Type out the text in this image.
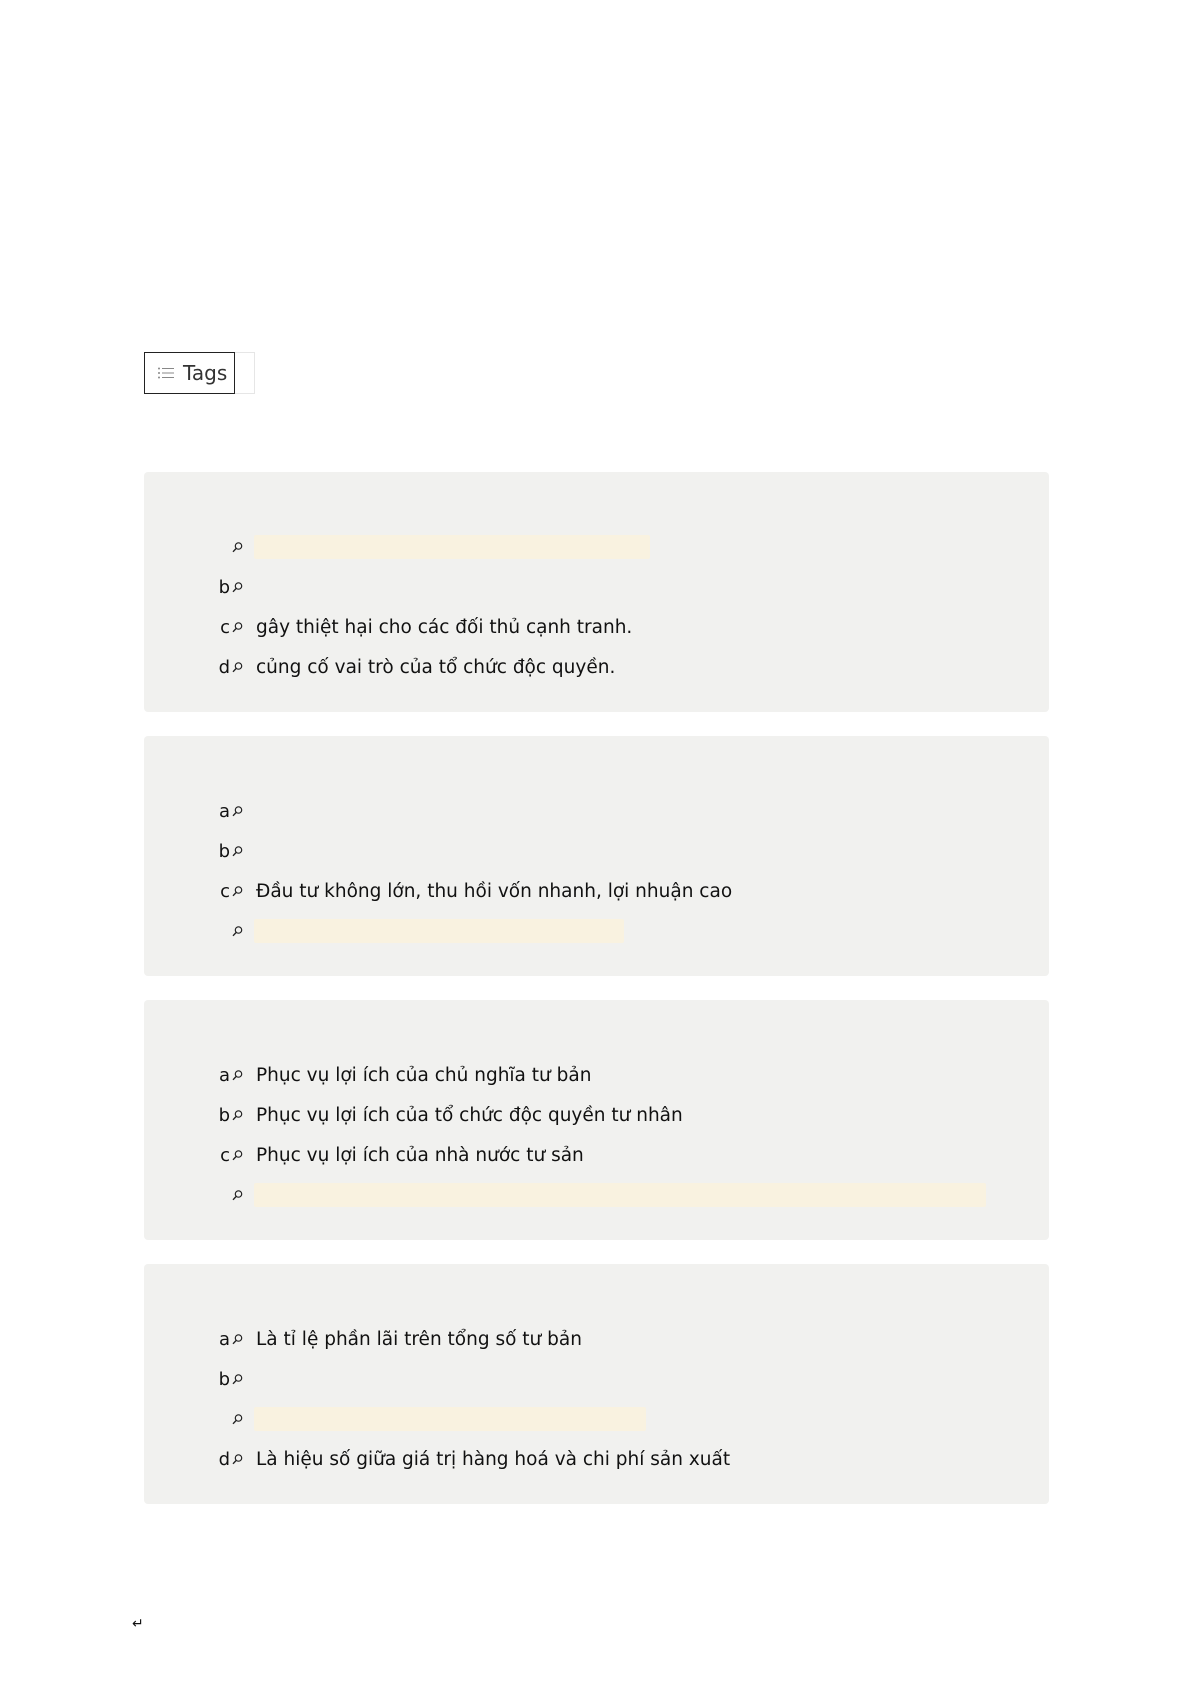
Tags
b
c gây thiệt hại cho các đối thủ cạnh tranh.
d củng cố vai trò của tổ chức độc quyền.
a
b
c Đầu tư không lớn, thu hồi vốn nhanh, lợi nhuận cao
a Phục vụ lợi ích của chủ nghĩa tư bản
b Phục vụ lợi ích của tổ chức độc quyền tư nhân
c Phục vụ lợi ích của nhà nước tư sản
a Là tỉ lệ phần lãi trên tổng số tư bản
b
d Là hiệu số giữa giá trị hàng hoá và chi phí sản xuất
↵
